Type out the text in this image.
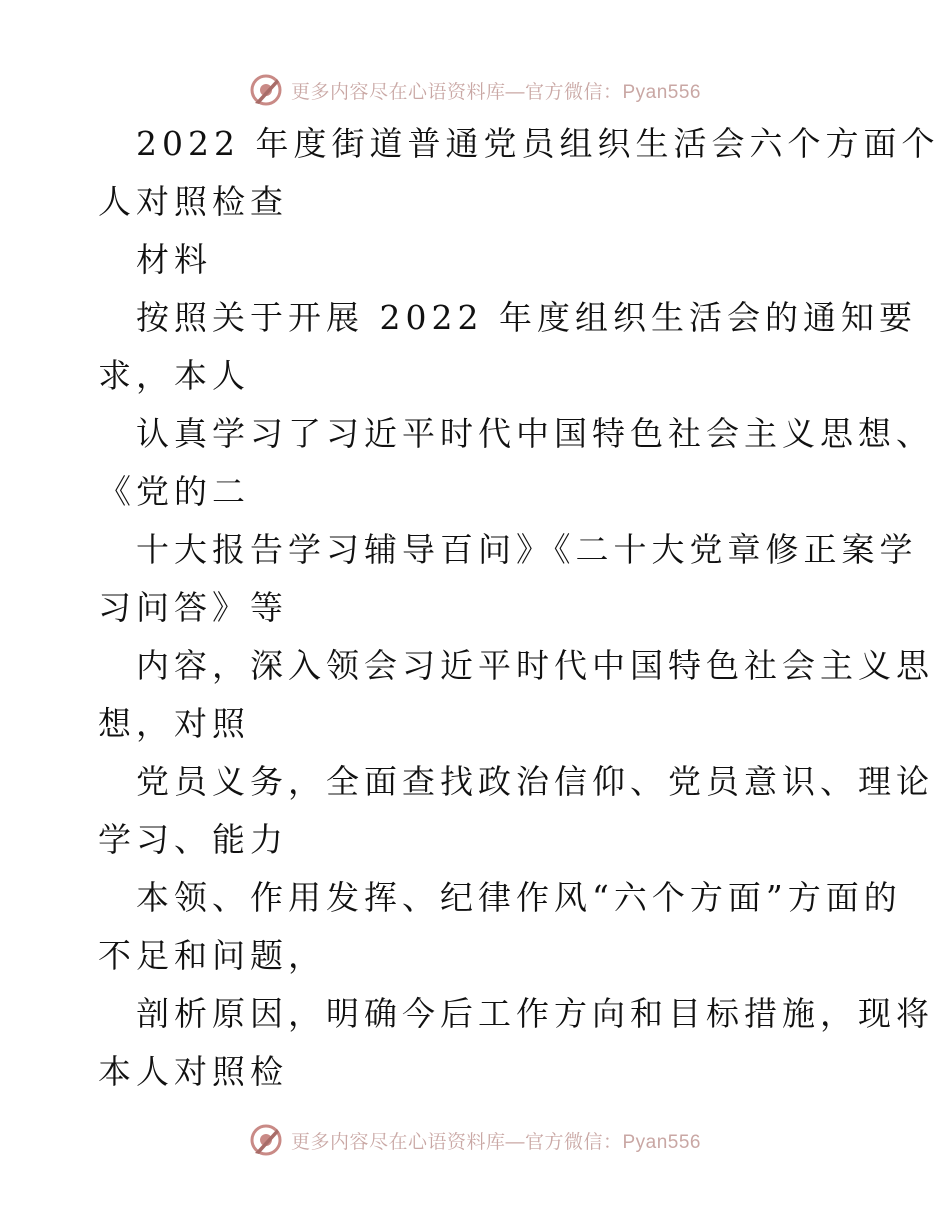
更多内容尽在心语资料库—官方微信：Pyan556
2022 年度街道普通党员组织生活会六个方面个
人对照检查
材料
按照关于开展 2022 年度组织生活会的通知要
求，本人
认真学习了习近平时代中国特色社会主义思想、
《党的二
十大报告学习辅导百问》《二十大党章修正案学
习问答》等
内容，深入领会习近平时代中国特色社会主义思
想，对照
党员义务，全面查找政治信仰、党员意识、理论
学习、能力
本领、作用发挥、纪律作风“六个方面”方面的
不足和问题，
剖析原因，明确今后工作方向和目标措施，现将
本人对照检
更多内容尽在心语资料库—官方微信：Pyan556
